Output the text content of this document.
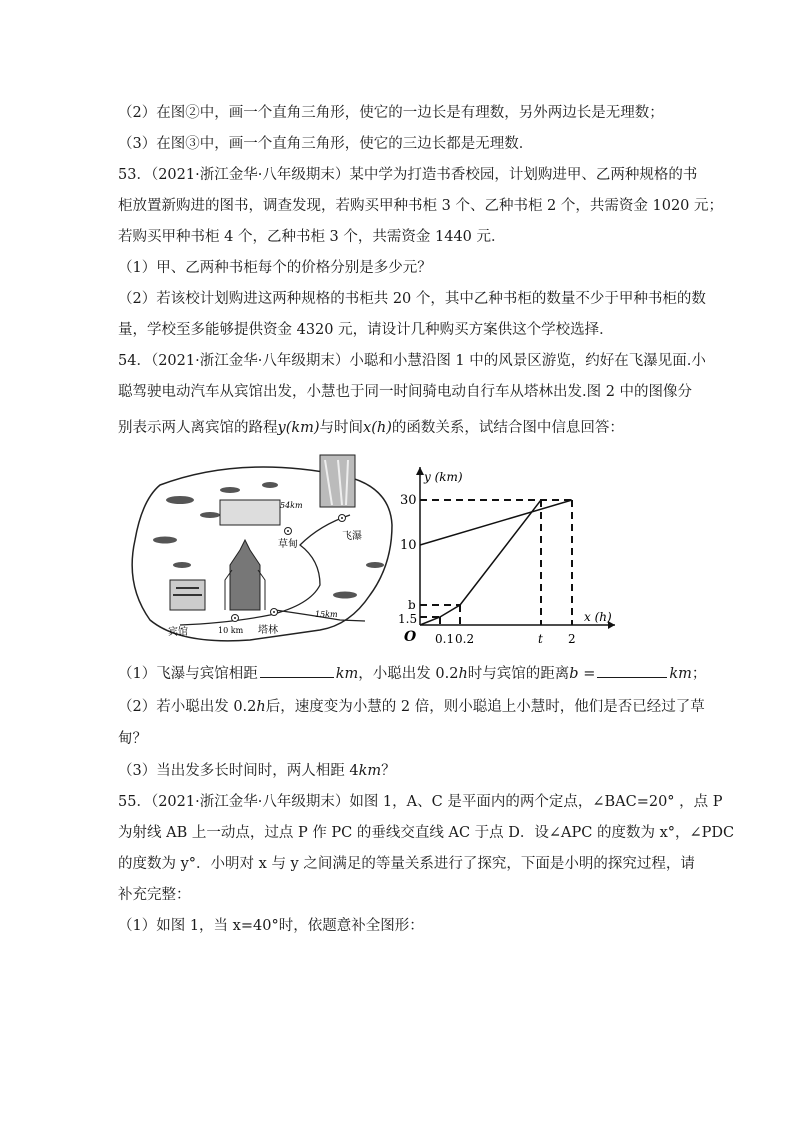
（2）在图②中，画一个直角三角形，使它的一边长是有理数，另外两边长是无理数；
（3）在图③中，画一个直角三角形，使它的三边长都是无理数．
53．（2021·浙江金华·八年级期末）某中学为打造书香校园，计划购进甲、乙两种规格的书
柜放置新购进的图书，调查发现，若购买甲种书柜 3 个、乙种书柜 2 个，共需资金 1020 元；
若购买甲种书柜 4 个，乙种书柜 3 个，共需资金 1440 元．
（1）甲、乙两种书柜每个的价格分别是多少元？
（2）若该校计划购进这两种规格的书柜共 20 个，其中乙种书柜的数量不少于甲种书柜的数
量，学校至多能够提供资金 4320 元，请设计几种购买方案供这个学校选择．
54．（2021·浙江金华·八年级期末）小聪和小慧沿图 1 中的风景区游览，约好在飞瀑见面.小
聪驾驶电动汽车从宾馆出发，小慧也于同一时间骑电动自行车从塔林出发.图 2 中的图像分
别表示两人离宾馆的路程y(km)与时间x(h)的函数关系，试结合图中信息回答：
54km
草甸
飞瀑
宾馆	10 km 塔林
15km
y (km)
x (h)
O
30
10
b
1.5
0.1 0.2	t 2
（1）飞瀑与宾馆相距	km，小聪出发 0.2h时与宾馆的距离b =	km；
（2）若小聪出发 0.2h后，速度变为小慧的 2 倍，则小聪追上小慧时，他们是否已经过了草
甸？
（3）当出发多长时间时，两人相距 4km？
55．（2021·浙江金华·八年级期末）如图 1，A、C 是平面内的两个定点，∠BAC=20° ，点 P
为射线 AB 上一动点，过点 P 作 PC 的垂线交直线 AC 于点 D．设∠APC 的度数为 x°，∠PDC
的度数为 y°．小明对 x 与 y 之间满足的等量关系进行了探究，下面是小明的探究过程，请
补充完整：
（1）如图 1，当 x=40°时，依题意补全图形：
